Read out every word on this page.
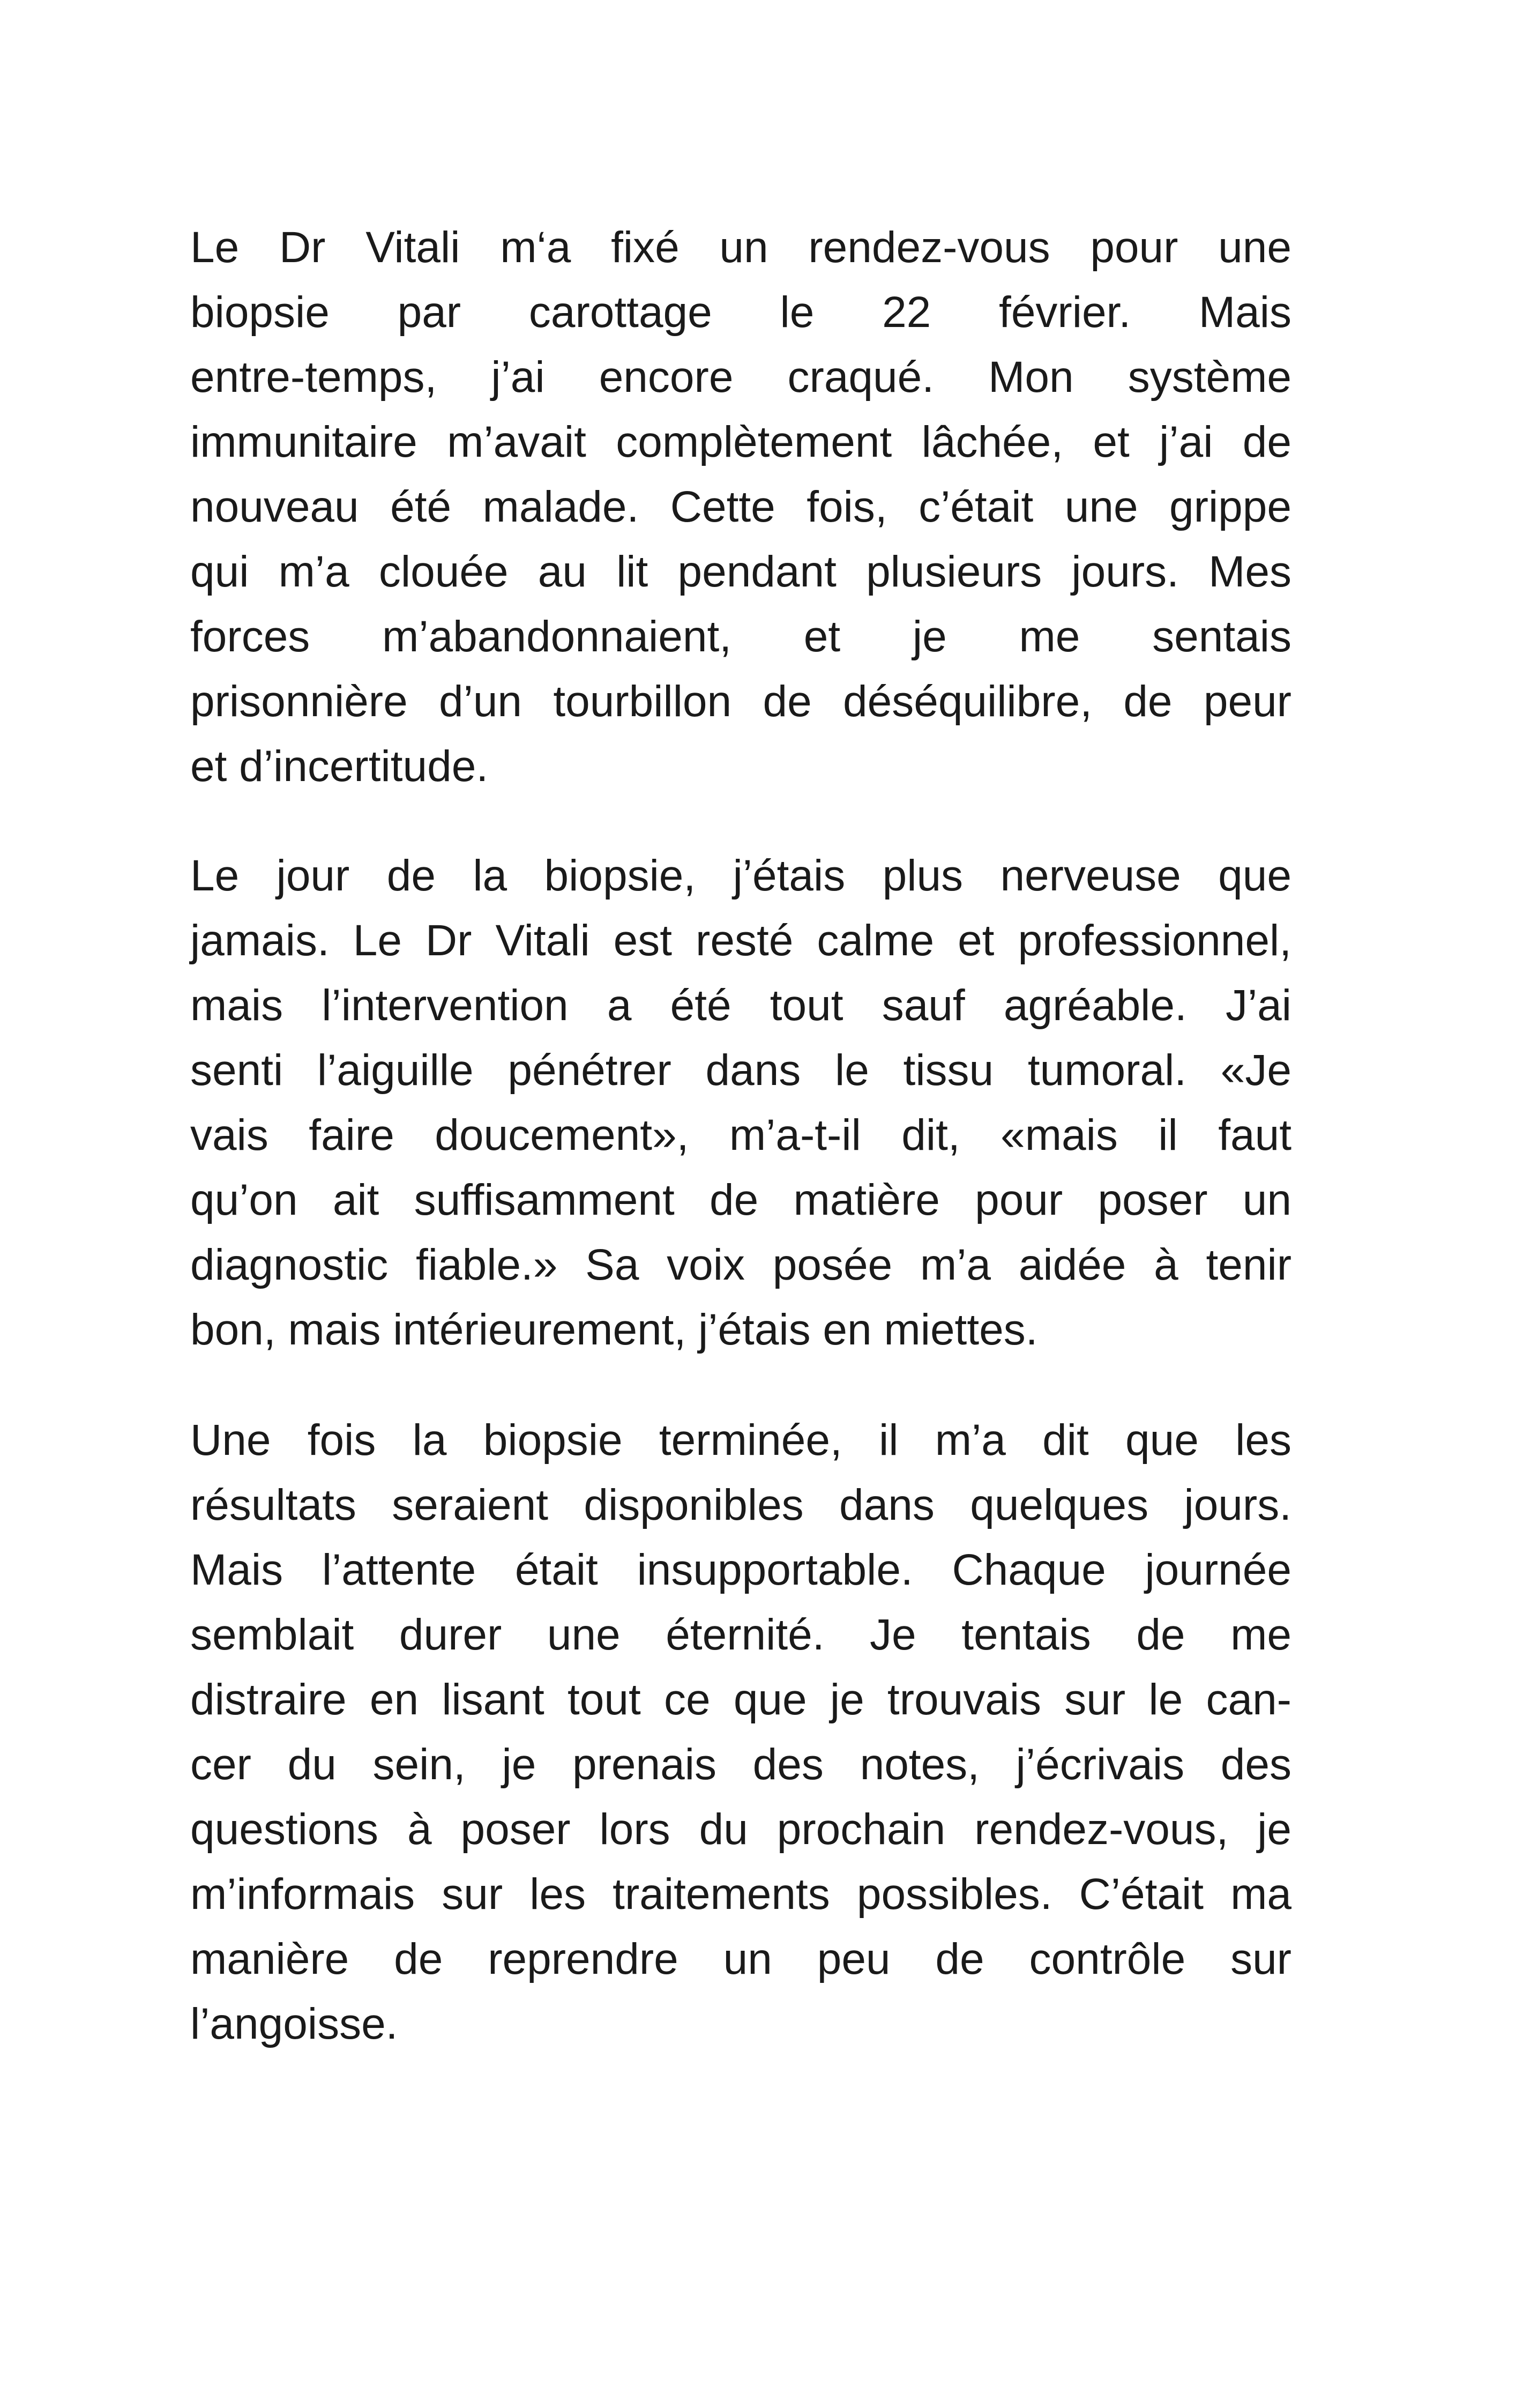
Le Dr Vitali m‘a fixé un rendez-vous pour une
biopsie par carottage le 22 février. Mais
entre-temps, j’ai encore craqué. Mon système
immunitaire m’avait complètement lâchée, et j’ai de
nouveau été malade. Cette fois, c’était une grippe
qui m’a clouée au lit pendant plusieurs jours. Mes
forces m’abandonnaient, et je me sentais
prisonnière d’un tourbillon de déséquilibre, de peur
et d’incertitude.
Le jour de la biopsie, j’étais plus nerveuse que
jamais. Le Dr Vitali est resté calme et professionnel,
mais l’intervention a été tout sauf agréable. J’ai
senti l’aiguille pénétrer dans le tissu tumoral. «Je
vais faire doucement», m’a-t-il dit, «mais il faut
qu’on ait suffisamment de matière pour poser un
diagnostic fiable.» Sa voix posée m’a aidée à tenir
bon, mais intérieurement, j’étais en miettes.
Une fois la biopsie terminée, il m’a dit que les
résultats seraient disponibles dans quelques jours.
Mais l’attente était insupportable. Chaque journée
semblait durer une éternité. Je tentais de me
distraire en lisant tout ce que je trouvais sur le can-
cer du sein, je prenais des notes, j’écrivais des
questions à poser lors du prochain rendez-vous, je
m’informais sur les traitements possibles. C’était ma
manière de reprendre un peu de contrôle sur
l’angoisse.
